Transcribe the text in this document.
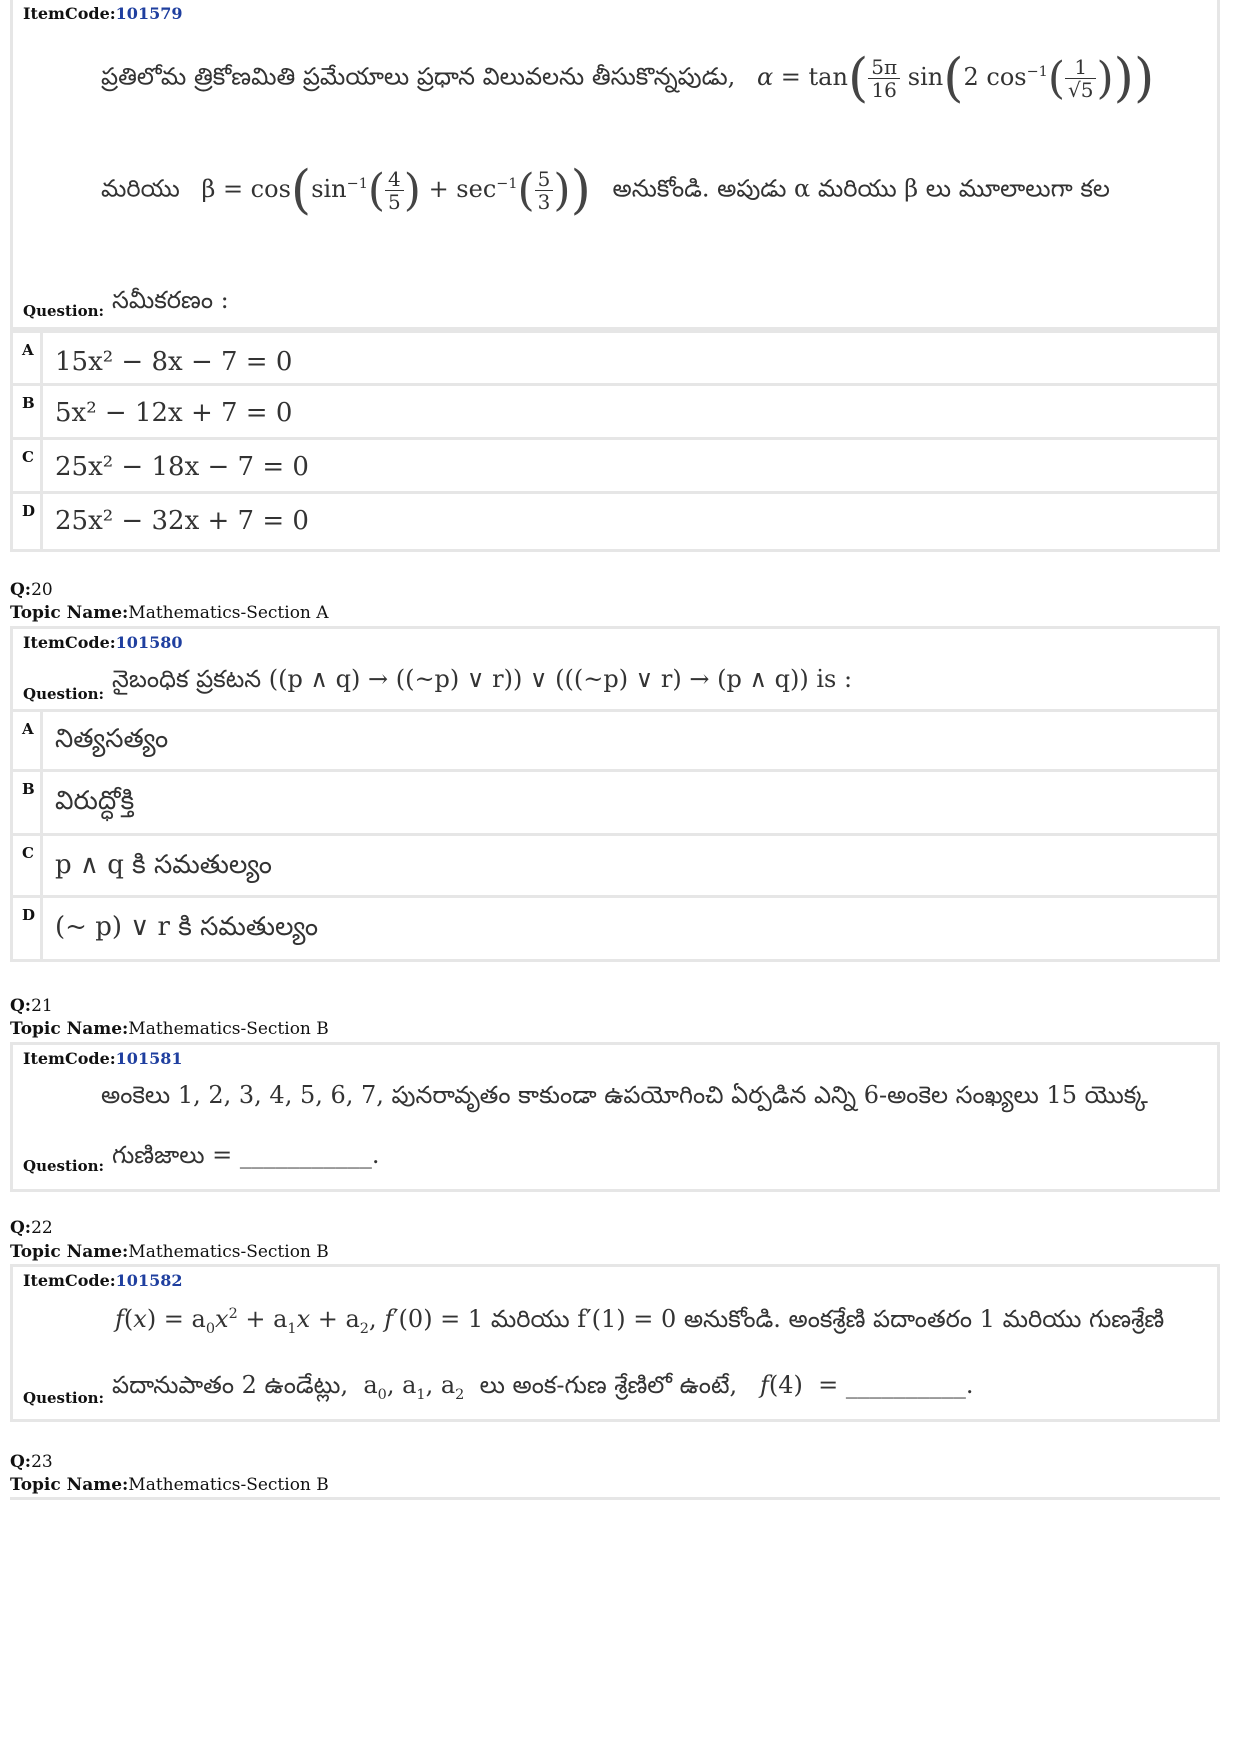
ItemCode:101579
ప్రతిలోమ త్రికోణమితి ప్రమేయాలు ప్రధాన విలువలను తీసుకొన్నపుడు, $\alpha = \tan( \frac{5\pi}{16} \sin(2$ $\cos^{-1}( \frac{1}{√5}$ )))
మరియు $\beta = \cos(\sin^{-1}( \frac{4}{5}$ ) + $\sec^{-1}( \frac{5}{3}$ )) అనుకోండి. అపుడు α మరియు β లు మూలాలుగా కల
Question: సమీకరణం :
A 15x² − 8x − 7 = 0
B 5x² − 12x + 7 = 0
C 25x² − 18x − 7 = 0
D 25x² − 32x + 7 = 0
Q:20
Topic Name:Mathematics-Section A
ItemCode:101580
Question:
నైబంధిక ప్రకటన ((p ∧ q) → ((~p) ∨ r)) ∨ (((~p) ∨ r) → (p ∧ q)) is :
A నిత్యసత్యం
B విరుద్ధోక్తి
C p ∧ q కి సమతుల్యం
D (~ p) ∨ r కి సమతుల్యం
Q:21
Topic Name:Mathematics-Section B
ItemCode:101581
అంకెలు 1, 2, 3, 4, 5, 6, 7, పునరావృతం కాకుండా ఉపయోగించి ఏర్పడిన ఎన్ని 6-అంకెల సంఖ్యలు 15 యొక్క
Question: గుణిజాలు = ___________.
Q:22
Topic Name:Mathematics-Section B
ItemCode:101582
$f(x) = a_0x^2 + a_1x + a_2$, f′(0) = 1 మరియు f′(1) = 0 అనుకోండి. అంకశ్రేణి పదాంతరం 1 మరియు గుణశ్రేణి
Question: పదానుపాతం 2 ఉండేట్లు,  $a_0$, $a_1$, $a_2$ లు అంక-గుణ శ్రేణిలో ఉంటే, f(4)  = __________.
Q:23
Topic Name:Mathematics-Section B
